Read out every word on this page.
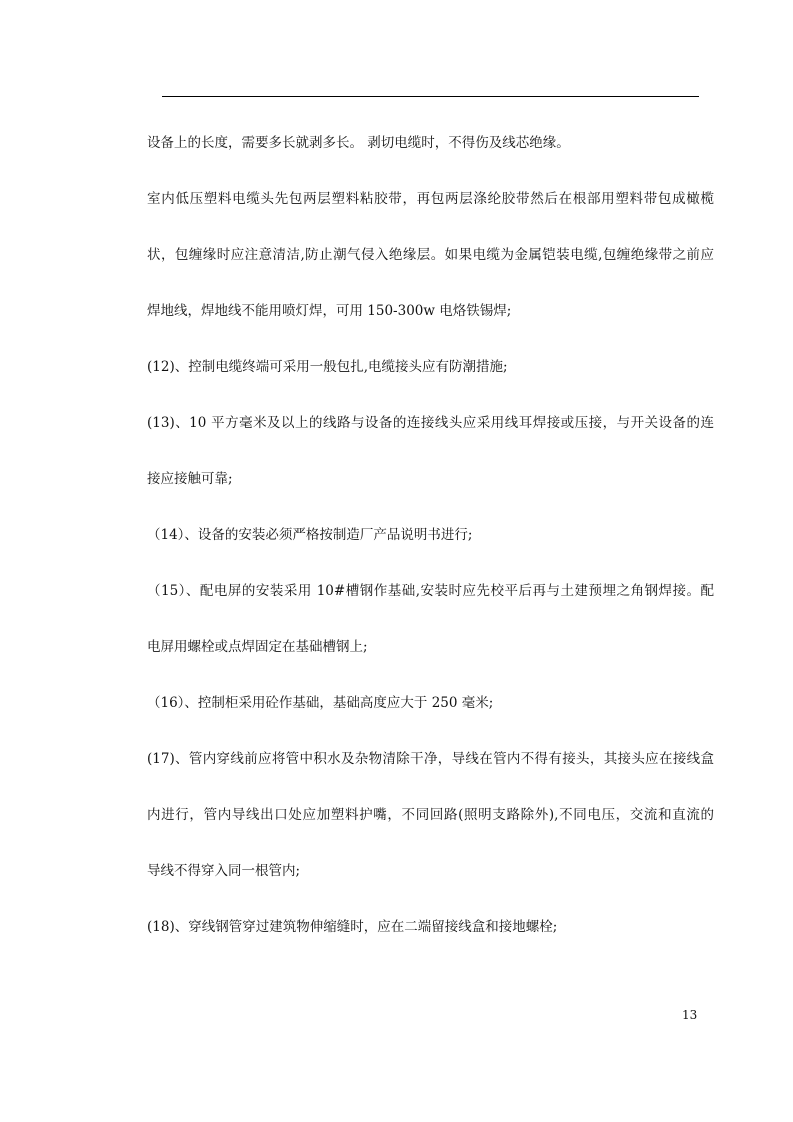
设备上的长度，需要多长就剥多长。 剥切电缆时，不得伤及线芯绝缘。
室内低压塑料电缆头先包两层塑料粘胶带，再包两层涤纶胶带然后在根部用塑料带包成橄榄
状，包缠缘时应注意清洁,防止潮气侵入绝缘层。如果电缆为金属铠装电缆,包缠绝缘带之前应
焊地线，焊地线不能用喷灯焊，可用 150-300w 电烙铁锡焊;
(12)、控制电缆终端可采用一般包扎,电缆接头应有防潮措施;
(13)、10 平方毫米及以上的线路与设备的连接线头应采用线耳焊接或压接，与开关设备的连
接应接触可靠;
（14）、设备的安装必须严格按制造厂产品说明书进行;
（15）、配电屏的安装采用 10#槽钢作基础,安装时应先校平后再与土建预埋之角钢焊接。配
电屏用螺栓或点焊固定在基础槽钢上;
（16）、控制柜采用砼作基础，基础高度应大于 250 毫米;
(17)、管内穿线前应将管中积水及杂物清除干净，导线在管内不得有接头，其接头应在接线盒
内进行，管内导线出口处应加塑料护嘴，不同回路(照明支路除外),不同电压，交流和直流的
导线不得穿入同一根管内;
(18)、穿线钢管穿过建筑物伸缩缝时，应在二端留接线盒和接地螺栓;
13
